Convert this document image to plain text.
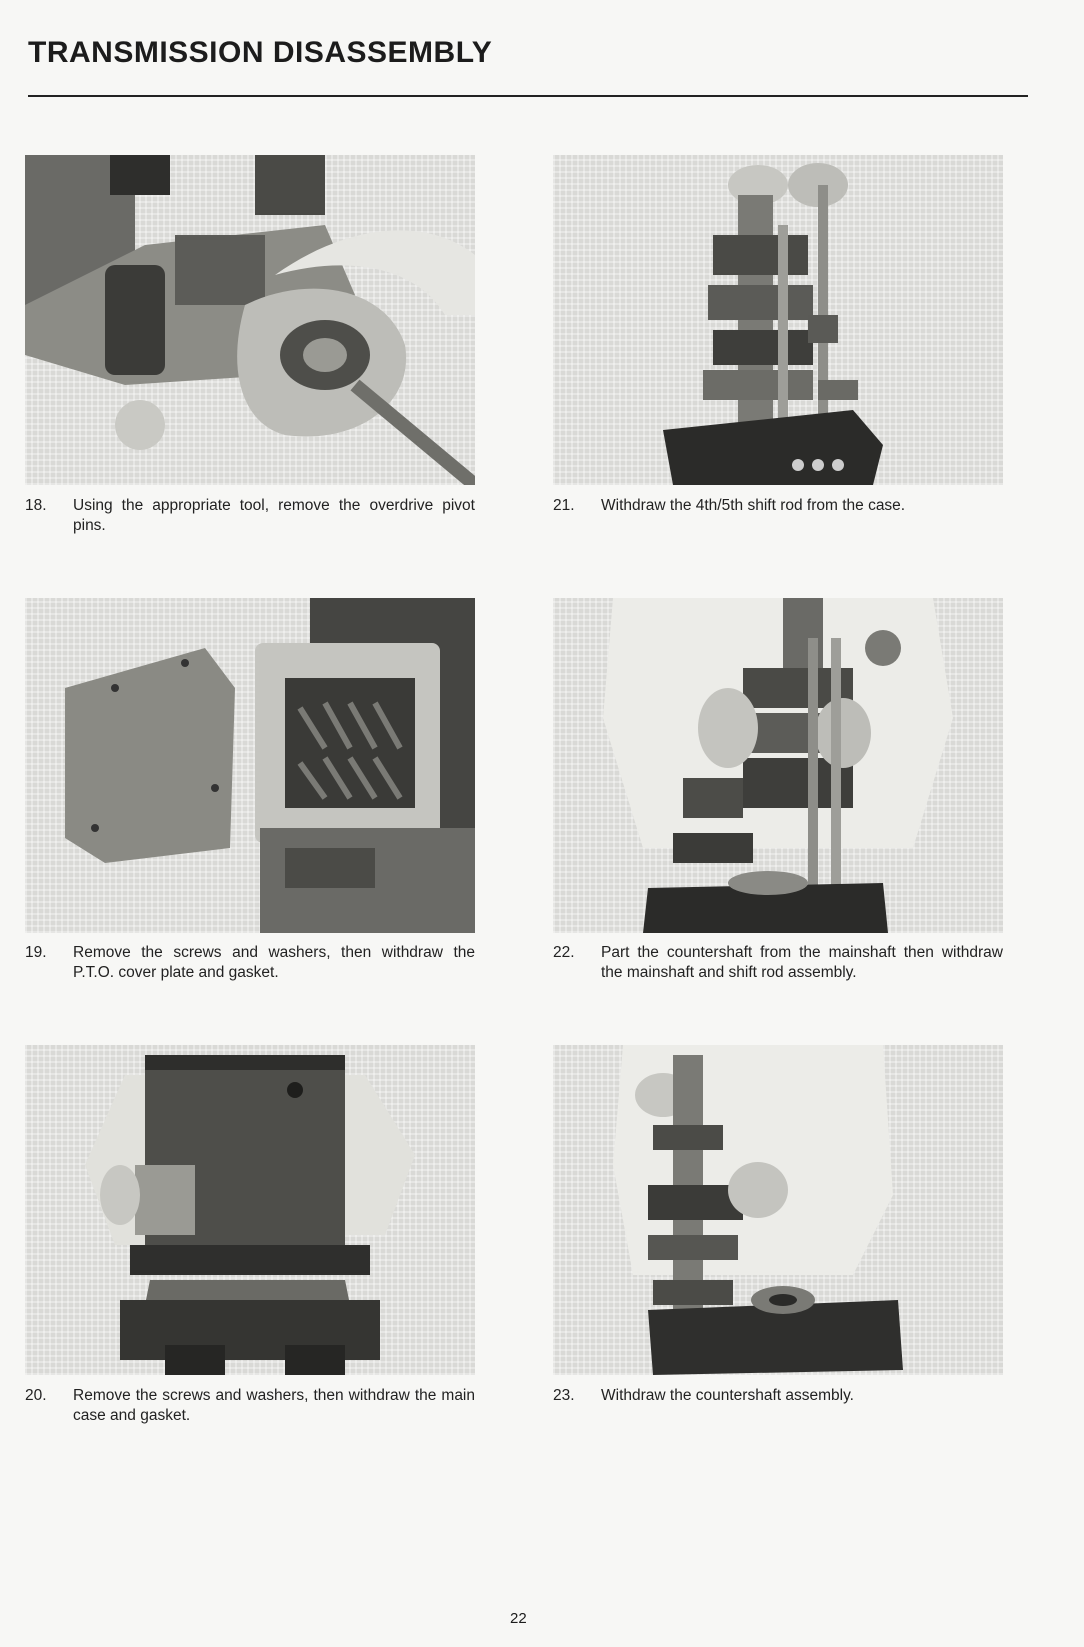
TRANSMISSION DISASSEMBLY
18.	Using the appropriate tool, remove the overdrive pivot pins.
19.	Remove the screws and washers, then withdraw the P.T.O. cover plate and gasket.
20.	Remove the screws and washers, then withdraw the main case and gasket.
21.	Withdraw the 4th/5th shift rod from the case.
22.	Part the countershaft from the mainshaft then withdraw the mainshaft and shift rod assembly.
23.	Withdraw the countershaft assembly.
22
